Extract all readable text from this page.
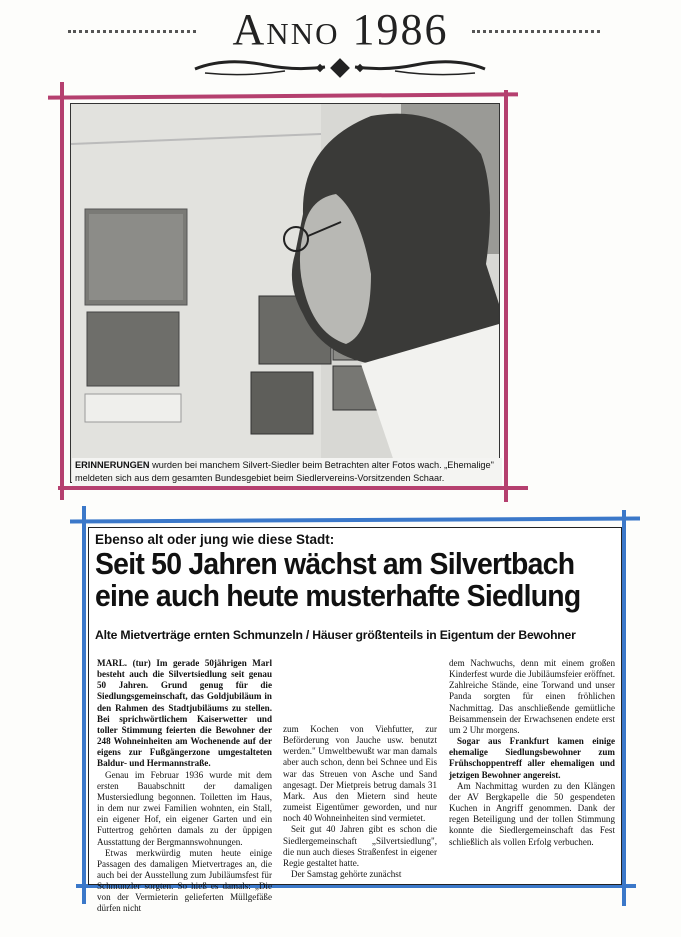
Anno 1986
ERINNERUNGEN wurden bei manchem Silvert-Siedler beim Betrachten alter Fotos wach. „Ehemalige" meldeten sich aus dem gesamten Bundesgebiet beim Siedlervereins-Vorsitzenden Schaar.
Ebenso alt oder jung wie diese Stadt:
Seit 50 Jahren wächst am Silvertbach
eine auch heute musterhafte Siedlung
Alte Mietverträge ernten Schmunzeln / Häuser größtenteils in Eigentum der Bewohner

MARL. (tur) Im gerade 50jährigen Marl besteht auch die Silvertsiedlung seit genau 50 Jahren. Grund genug für die Siedlungsgemeinschaft, das Goldjubiläum in den Rahmen des Stadtjubiläums zu stellen. Bei sprichwörtlichem Kaiserwetter und toller Stimmung feierten die Bewohner der 248 Wohneinheiten am Wochenende auf der eigens zur Fußgängerzone umgestalteten Baldur- und Hermannstraße.

Genau im Februar 1936 wurde mit dem ersten Bauabschnitt der damaligen Mustersiedlung begonnen. Toiletten im Haus, in dem nur zwei Familien wohnten, ein Stall, ein eigener Hof, ein eigener Garten und ein Futtertrog gehörten damals zu der üppigen Ausstattung der Bergmannswohnungen.

Etwas merkwürdig muten heute einige Passagen des damaligen Mietvertrages an, die auch bei der Ausstellung zum Jubiläumsfest für Schmunzler sorgten. So hieß es damals: „Die von der Vermieterin gelieferten Müllgefäße dürfen nicht

zum Kochen von Viehfutter, zur Beförderung von Jauche usw. benutzt werden." Umweltbewußt war man damals aber auch schon, denn bei Schnee und Eis war das Streuen von Asche und Sand angesagt. Der Mietpreis betrug damals 31 Mark. Aus den Mietern sind heute zumeist Eigentümer geworden, und nur noch 40 Wohneinheiten sind vermietet.

Seit gut 40 Jahren gibt es schon die Siedlergemeinschaft „Silvertsiedlung", die nun auch dieses Straßenfest in eigener Regie gestaltet hatte.

Der Samstag gehörte zunächst

dem Nachwuchs, denn mit einem großen Kinderfest wurde die Jubiläumsfeier eröffnet. Zahlreiche Stände, eine Torwand und unser Panda sorgten für einen fröhlichen Nachmittag. Das anschließende gemütliche Beisammensein der Erwachsenen endete erst um 2 Uhr morgens.

Sogar aus Frankfurt kamen einige ehemalige Siedlungsbewohner zum Frühschoppentreff aller ehemaligen und jetzigen Bewohner angereist.

Am Nachmittag wurden zu den Klängen der AV Bergkapelle die 50 gespendeten Kuchen in Angriff genommen. Dank der regen Beteiligung und der tollen Stimmung konnte die Siedlergemeinschaft das Fest schließlich als vollen Erfolg verbuchen.
